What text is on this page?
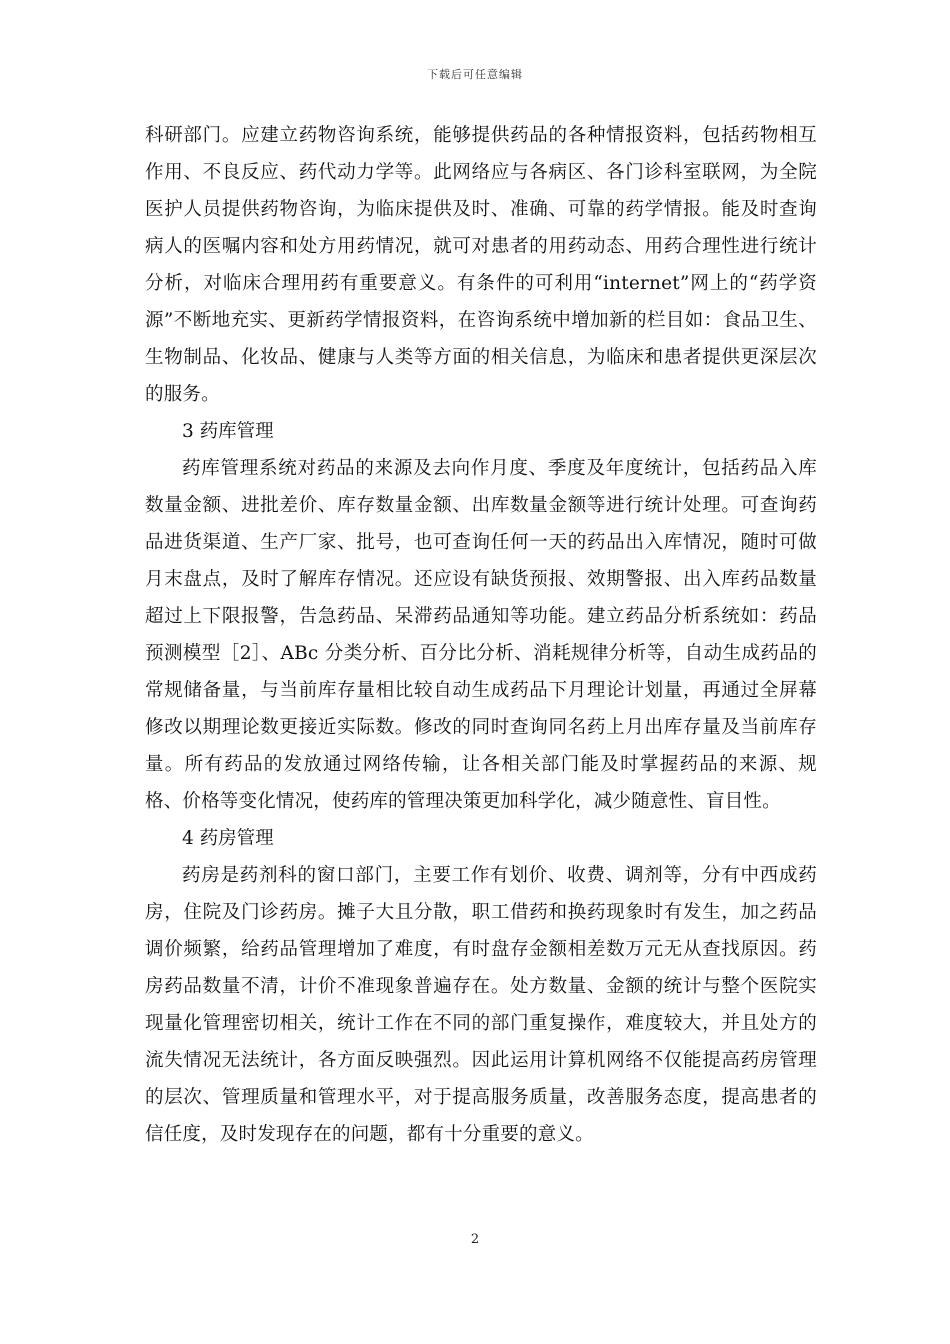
下载后可任意编辑

科研部门。应建立药物咨询系统，能够提供药品的各种情报资料，包括药物相互作用、不良反应、药代动力学等。此网络应与各病区、各门诊科室联网，为全院医护人员提供药物咨询，为临床提供及时、准确、可靠的药学情报。能及时查询病人的医嘱内容和处方用药情况，就可对患者的用药动态、用药合理性进行统计分析，对临床合理用药有重要意义。有条件的可利用“internet”网上的“药学资源”不断地充实、更新药学情报资料，在咨询系统中增加新的栏目如：食品卫生、生物制品、化妆品、健康与人类等方面的相关信息，为临床和患者提供更深层次的服务。

3 药库管理

药库管理系统对药品的来源及去向作月度、季度及年度统计，包括药品入库数量金额、进批差价、库存数量金额、出库数量金额等进行统计处理。可查询药品进货渠道、生产厂家、批号，也可查询任何一天的药品出入库情况，随时可做月末盘点，及时了解库存情况。还应设有缺货预报、效期警报、出入库药品数量超过上下限报警，告急药品、呆滞药品通知等功能。建立药品分析系统如：药品预测模型［2］、ABc 分类分析、百分比分析、消耗规律分析等，自动生成药品的常规储备量，与当前库存量相比较自动生成药品下月理论计划量，再通过全屏幕修改以期理论数更接近实际数。修改的同时查询同名药上月出库存量及当前库存量。所有药品的发放通过网络传输，让各相关部门能及时掌握药品的来源、规格、价格等变化情况，使药库的管理决策更加科学化，减少随意性、盲目性。

4 药房管理

药房是药剂科的窗口部门，主要工作有划价、收费、调剂等，分有中西成药房，住院及门诊药房。摊子大且分散，职工借药和换药现象时有发生，加之药品调价频繁，给药品管理增加了难度，有时盘存金额相差数万元无从查找原因。药房药品数量不清，计价不准现象普遍存在。处方数量、金额的统计与整个医院实现量化管理密切相关，统计工作在不同的部门重复操作，难度较大，并且处方的流失情况无法统计，各方面反映强烈。因此运用计算机网络不仅能提高药房管理的层次、管理质量和管理水平，对于提高服务质量，改善服务态度，提高患者的信任度，及时发现存在的问题，都有十分重要的意义。

2
